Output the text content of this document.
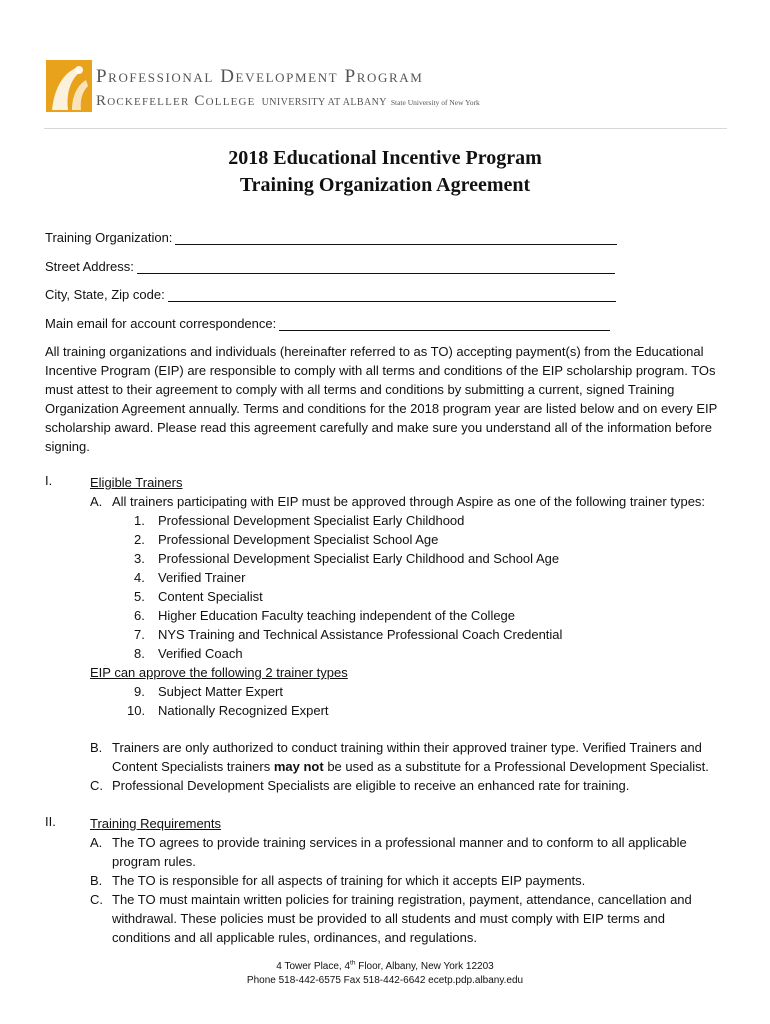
Professional Development Program
Rockefeller College UNIVERSITY AT ALBANY State University of New York
2018 Educational Incentive Program
Training Organization Agreement
Training Organization:
Street Address:
City, State, Zip code:
Main email for account correspondence:
All training organizations and individuals (hereinafter referred to as TO) accepting payment(s) from the Educational Incentive Program (EIP) are responsible to comply with all terms and conditions of the EIP scholarship program. TOs must attest to their agreement to comply with all terms and conditions by submitting a current, signed Training Organization Agreement annually. Terms and conditions for the 2018 program year are listed below and on every EIP scholarship award. Please read this agreement carefully and make sure you understand all of the information before signing.
I.	Eligible Trainers
A. All trainers participating with EIP must be approved through Aspire as one of the following trainer types:
1. Professional Development Specialist Early Childhood
2. Professional Development Specialist School Age
3. Professional Development Specialist Early Childhood and School Age
4. Verified Trainer
5. Content Specialist
6. Higher Education Faculty teaching independent of the College
7. NYS Training and Technical Assistance Professional Coach Credential
8. Verified Coach
EIP can approve the following 2 trainer types
9. Subject Matter Expert
10. Nationally Recognized Expert
B. Trainers are only authorized to conduct training within their approved trainer type. Verified Trainers and
Content Specialists trainers may not be used as a substitute for a Professional Development Specialist.
C. Professional Development Specialists are eligible to receive an enhanced rate for training.
II.	Training Requirements
A. The TO agrees to provide training services in a professional manner and to conform to all applicable
program rules.
B. The TO is responsible for all aspects of training for which it accepts EIP payments.
C. The TO must maintain written policies for training registration, payment, attendance, cancellation and
withdrawal. These policies must be provided to all students and must comply with EIP terms and
conditions and all applicable rules, ordinances, and regulations.
4 Tower Place, 4th Floor, Albany, New York 12203
Phone 518-442-6575 Fax 518-442-6642 ecetp.pdp.albany.edu
